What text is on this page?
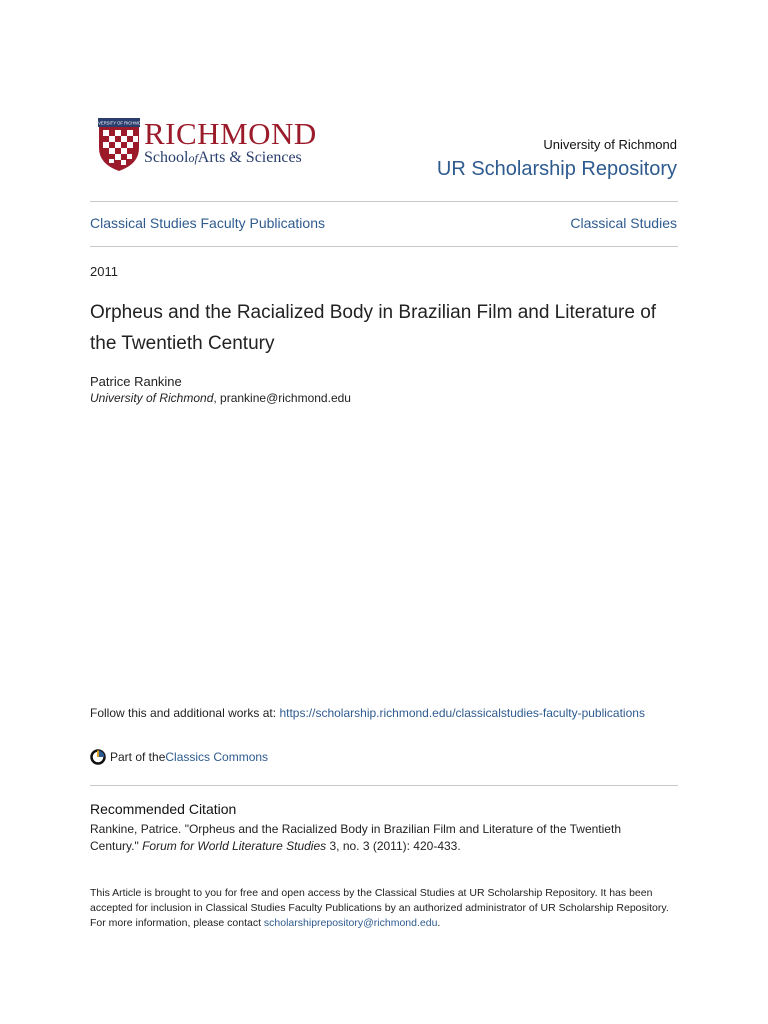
UNIVERSITY OF RICHMOND
RICHMOND
SchoolofArts & Sciences
University of Richmond
UR Scholarship Repository
Classical Studies Faculty Publications	Classical Studies
2011
Orpheus and the Racialized Body in Brazilian Film and Literature of the Twentieth Century
Patrice Rankine
University of Richmond, prankine@richmond.edu
Follow this and additional works at: https://scholarship.richmond.edu/classicalstudies-faculty-publications
Part of the Classics Commons
Recommended Citation
Rankine, Patrice. "Orpheus and the Racialized Body in Brazilian Film and Literature of the Twentieth Century." Forum for World Literature Studies 3, no. 3 (2011): 420-433.
This Article is brought to you for free and open access by the Classical Studies at UR Scholarship Repository. It has been accepted for inclusion in Classical Studies Faculty Publications by an authorized administrator of UR Scholarship Repository. For more information, please contact scholarshiprepository@richmond.edu.
